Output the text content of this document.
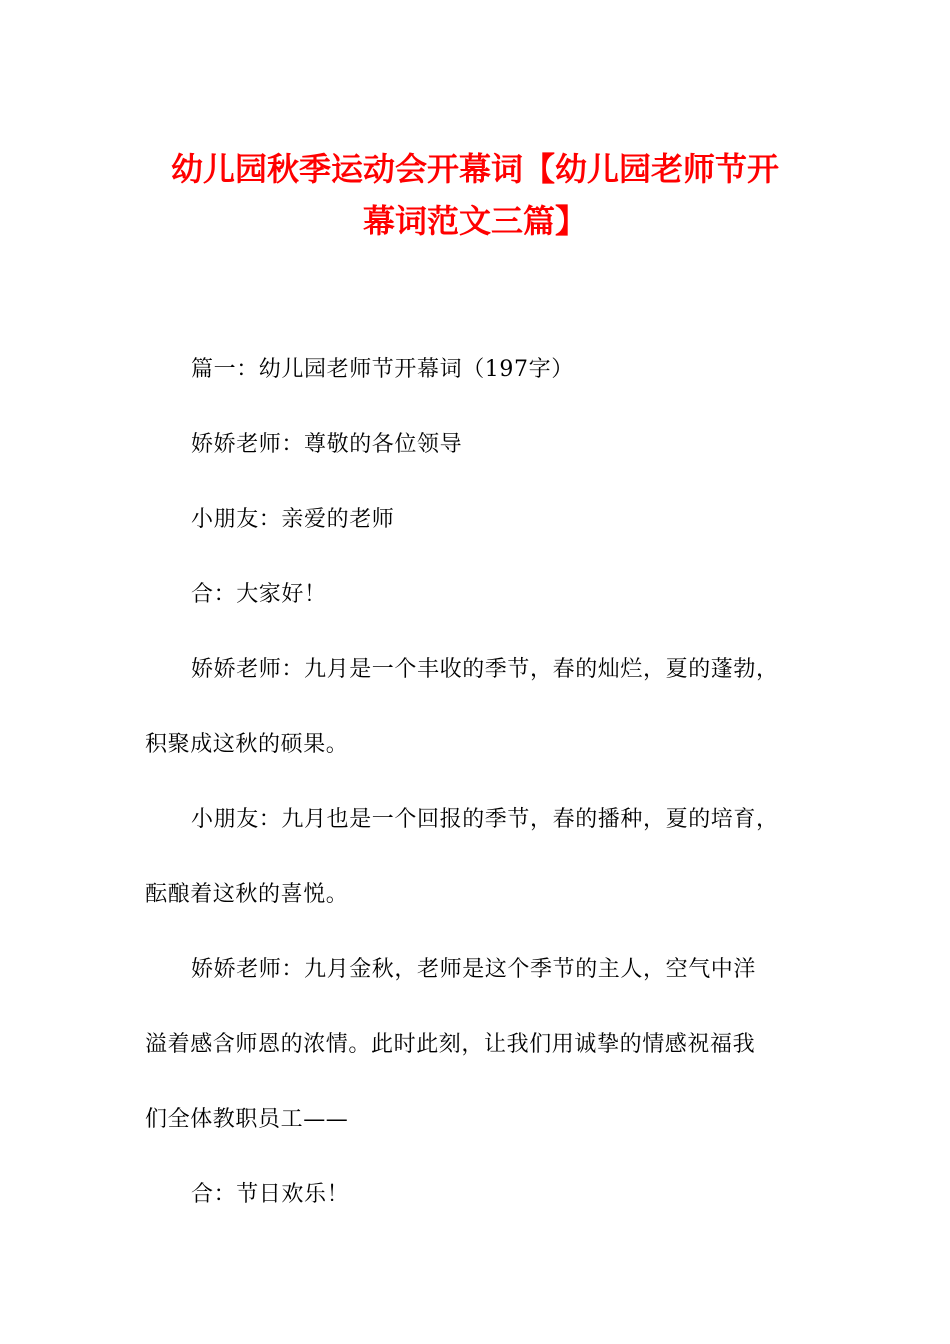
幼儿园秋季运动会开幕词【幼儿园老师节开
幕词范文三篇】

篇一：幼儿园老师节开幕词（197字）

娇娇老师：尊敬的各位领导

小朋友：亲爱的老师

合：大家好！

娇娇老师：九月是一个丰收的季节，春的灿烂，夏的蓬勃，

积聚成这秋的硕果。

小朋友：九月也是一个回报的季节，春的播种，夏的培育，

酝酿着这秋的喜悦。

娇娇老师：九月金秋，老师是这个季节的主人，空气中洋

溢着感含师恩的浓情。此时此刻，让我们用诚挚的情感祝福我

们全体教职员工——

合：节日欢乐！
